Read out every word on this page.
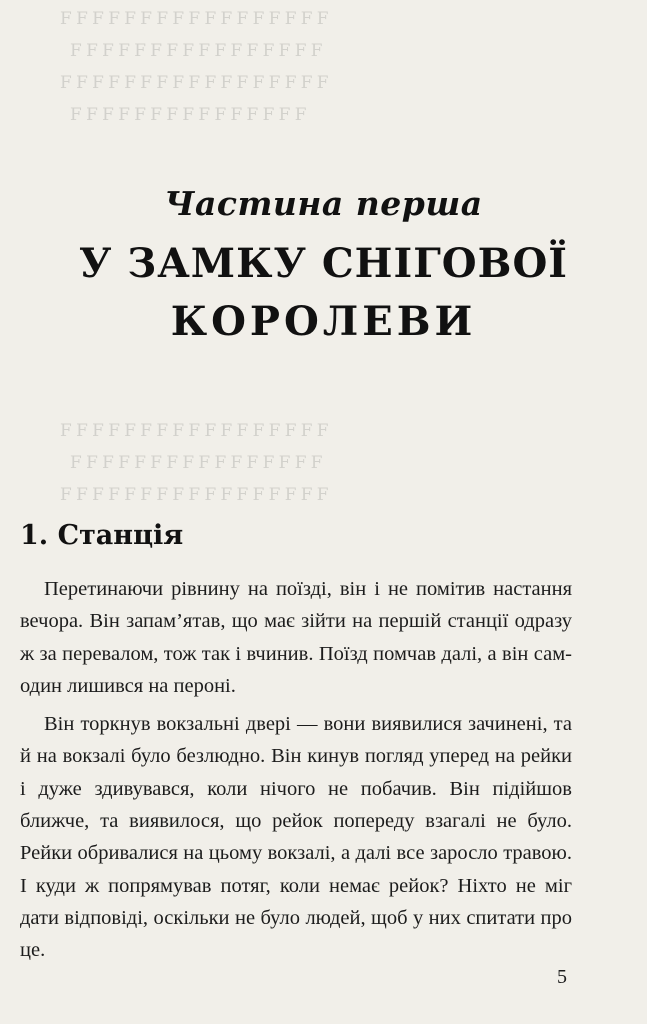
ꟻ ꟻ ꟻ ꟻ ꟻ ꟻ ꟻ ꟻ ꟻ ꟻ ꟻ ꟻ ꟻ ꟻ ꟻ ꟻ ꟻ

ꟻ ꟻ ꟻ ꟻ ꟻ ꟻ ꟻ ꟻ ꟻ ꟻ ꟻ ꟻ ꟻ ꟻ ꟻ ꟻ

ꟻ ꟻ ꟻ ꟻ ꟻ ꟻ ꟻ ꟻ ꟻ ꟻ ꟻ ꟻ ꟻ ꟻ ꟻ ꟻ ꟻ

ꟻ ꟻ ꟻ ꟻ ꟻ ꟻ ꟻ ꟻ ꟻ ꟻ ꟻ ꟻ ꟻ ꟻ ꟻ

ꟻ ꟻ ꟻ ꟻ ꟻ ꟻ ꟻ ꟻ ꟻ ꟻ ꟻ ꟻ ꟻ ꟻ ꟻ ꟻ ꟻ

ꟻ ꟻ ꟻ ꟻ ꟻ ꟻ ꟻ ꟻ ꟻ ꟻ ꟻ ꟻ ꟻ ꟻ ꟻ ꟻ

ꟻ ꟻ ꟻ ꟻ ꟻ ꟻ ꟻ ꟻ ꟻ ꟻ ꟻ ꟻ ꟻ ꟻ ꟻ ꟻ ꟻ

Частина перша
У ЗАМКУ СНІГОВОЇ
КОРОЛЕВИ
1. Станція

Перетинаючи рівнину на поїзді, він і не помітив настання вечора. Він запам’ятав, що має зійти на першій станції одразу ж за перевалом, тож так і вчинив. Поїзд помчав далі, а він сам-один лишився на пероні.

Він торкнув вокзальні двері — вони виявилися зачинені, та й на вокзалі було безлюдно. Він кинув погляд уперед на рейки і дуже здивувався, коли нічого не побачив. Він підійшов ближче, та виявилося, що рейок попереду взагалі не було. Рейки обривалися на цьому вокзалі, а далі все заросло травою. І куди ж попрямував потяг, коли немає рейок? Ніхто не міг дати відповіді, оскільки не було людей, щоб у них спитати про це.

5
